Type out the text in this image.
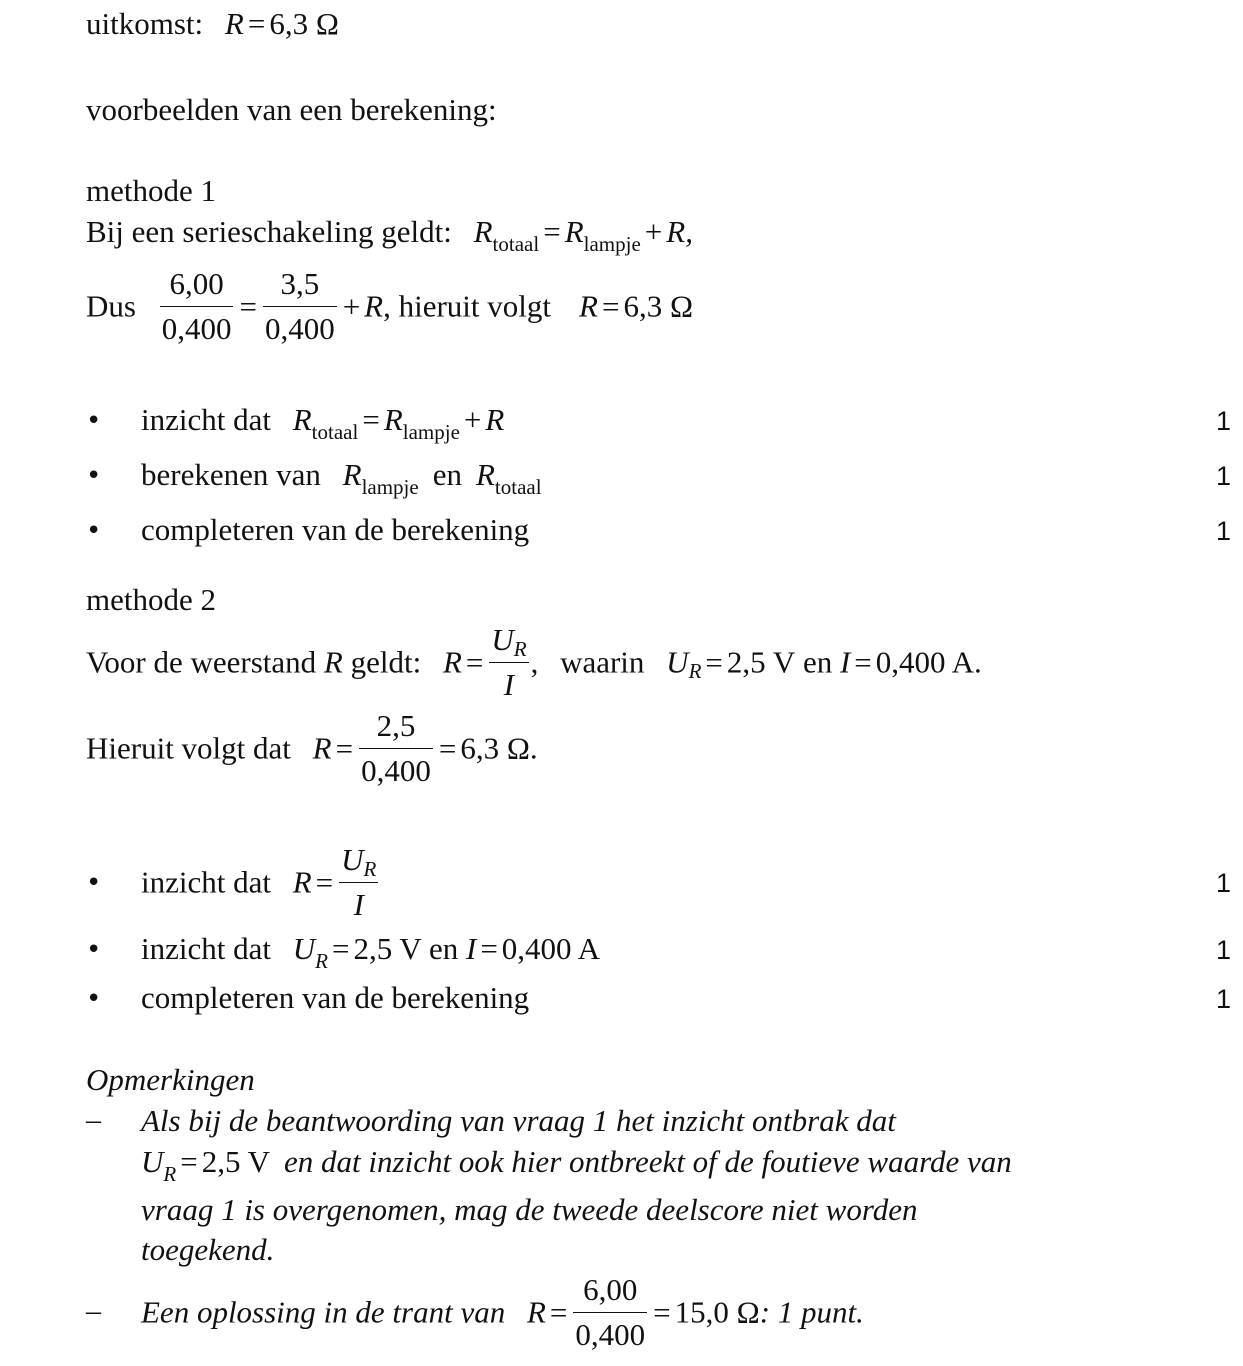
uitkomst: R = 6,3 Ω
voorbeelden van een berekening:
methode 1
Bij een serieschakeling geldt: $R_{totaal} = R_{lampje} + R$,
Dus $\frac{6,00}{0,400} = \frac{3,5}{0,400} + R$, hieruit volgt R = 6,3 Ω
• inzicht dat $R_{totaal} = R_{lampje} + R$	1
• berekenen van $R_{lampje}$ en $R_{totaal}$	1
• completeren van de berekening	1
methode 2
Voor de weerstand R geldt: $R = \frac{UR}{I}$ , waarin $U_R = 2,5$ V en I = 0,400 A.
Hieruit volgt dat $R = \frac{2,5}{0,400} = 6,3$ Ω.
• inzicht dat $R = \frac{UR}{I}$	1
• inzicht dat $U_R = 2,5$ V en I = 0,400 A	1
• completeren van de berekening	1
Opmerkingen
– Als bij de beantwoording van vraag 1 het inzicht ontbrak dat
$U_R = 2,5$ V en dat inzicht ook hier ontbreekt of de foutieve waarde van
vraag 1 is overgenomen, mag de tweede deelscore niet worden
toegekend.
– Een oplossing in de trant van $R = \frac{6,00}{0,400} = 15,0$ Ω: 1 punt.
